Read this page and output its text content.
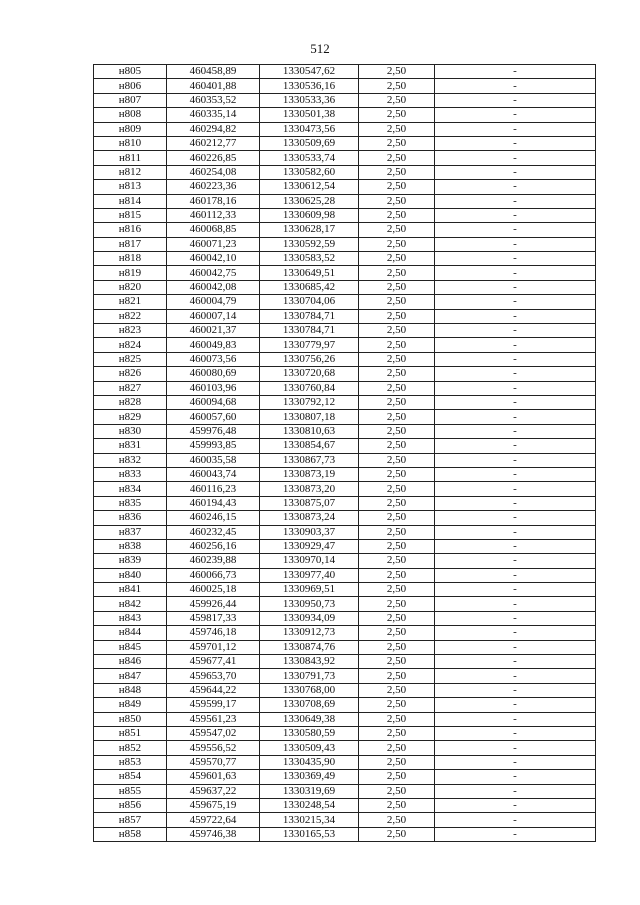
512
н805	460458,89	1330547,62	2,50	-
н806	460401,88	1330536,16	2,50	-
н807	460353,52	1330533,36	2,50	-
н808	460335,14	1330501,38	2,50	-
н809	460294,82	1330473,56	2,50	-
н810	460212,77	1330509,69	2,50	-
н811	460226,85	1330533,74	2,50	-
н812	460254,08	1330582,60	2,50	-
н813	460223,36	1330612,54	2,50	-
н814	460178,16	1330625,28	2,50	-
н815	460112,33	1330609,98	2,50	-
н816	460068,85	1330628,17	2,50	-
н817	460071,23	1330592,59	2,50	-
н818	460042,10	1330583,52	2,50	-
н819	460042,75	1330649,51	2,50	-
н820	460042,08	1330685,42	2,50	-
н821	460004,79	1330704,06	2,50	-
н822	460007,14	1330784,71	2,50	-
н823	460021,37	1330784,71	2,50	-
н824	460049,83	1330779,97	2,50	-
н825	460073,56	1330756,26	2,50	-
н826	460080,69	1330720,68	2,50	-
н827	460103,96	1330760,84	2,50	-
н828	460094,68	1330792,12	2,50	-
н829	460057,60	1330807,18	2,50	-
н830	459976,48	1330810,63	2,50	-
н831	459993,85	1330854,67	2,50	-
н832	460035,58	1330867,73	2,50	-
н833	460043,74	1330873,19	2,50	-
н834	460116,23	1330873,20	2,50	-
н835	460194,43	1330875,07	2,50	-
н836	460246,15	1330873,24	2,50	-
н837	460232,45	1330903,37	2,50	-
н838	460256,16	1330929,47	2,50	-
н839	460239,88	1330970,14	2,50	-
н840	460066,73	1330977,40	2,50	-
н841	460025,18	1330969,51	2,50	-
н842	459926,44	1330950,73	2,50	-
н843	459817,33	1330934,09	2,50	-
н844	459746,18	1330912,73	2,50	-
н845	459701,12	1330874,76	2,50	-
н846	459677,41	1330843,92	2,50	-
н847	459653,70	1330791,73	2,50	-
н848	459644,22	1330768,00	2,50	-
н849	459599,17	1330708,69	2,50	-
н850	459561,23	1330649,38	2,50	-
н851	459547,02	1330580,59	2,50	-
н852	459556,52	1330509,43	2,50	-
н853	459570,77	1330435,90	2,50	-
н854	459601,63	1330369,49	2,50	-
н855	459637,22	1330319,69	2,50	-
н856	459675,19	1330248,54	2,50	-
н857	459722,64	1330215,34	2,50	-
н858	459746,38	1330165,53	2,50	-
